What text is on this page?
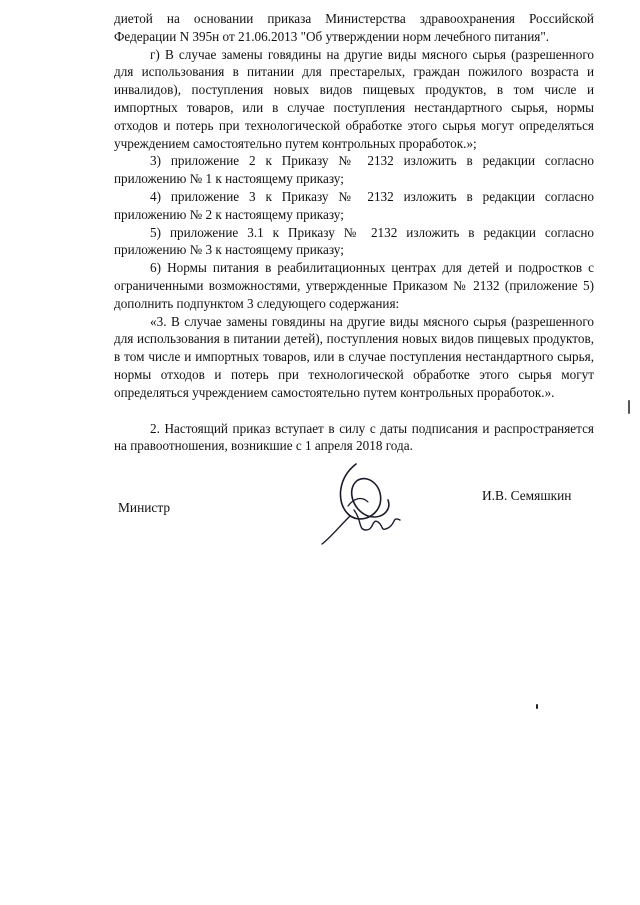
диетой на основании приказа Министерства здравоохранения Российской Федерации N 395н от 21.06.2013 "Об утверждении норм лечебного питания".

г) В случае замены говядины на другие виды мясного сырья (разрешенного для использования в питании для престарелых, граждан пожилого возраста и инвалидов), поступления новых видов пищевых продуктов, в том числе и импортных товаров, или в случае поступления нестандартного сырья, нормы отходов и потерь при технологической обработке этого сырья могут определяться учреждением самостоятельно путем контрольных проработок.»;

3) приложение 2 к Приказу № 2132 изложить в редакции согласно приложению № 1 к настоящему приказу;

4) приложение 3 к Приказу № 2132 изложить в редакции согласно приложению № 2 к настоящему приказу;

5) приложение 3.1 к Приказу № 2132 изложить в редакции согласно приложению № 3 к настоящему приказу;

6) Нормы питания в реабилитационных центрах для детей и подростков с ограниченными возможностями, утвержденные Приказом № 2132 (приложение 5) дополнить подпунктом 3 следующего содержания:

«3. В случае замены говядины на другие виды мясного сырья (разрешенного для использования в питании детей), поступления новых видов пищевых продуктов, в том числе и импортных товаров, или в случае поступления нестандартного сырья, нормы отходов и потерь при технологической обработке этого сырья могут определяться учреждением самостоятельно путем контрольных проработок.».

2. Настоящий приказ вступает в силу с даты подписания и распространяется на правоотношения, возникшие с 1 апреля 2018 года.

Министр
И.В. Семяшкин
